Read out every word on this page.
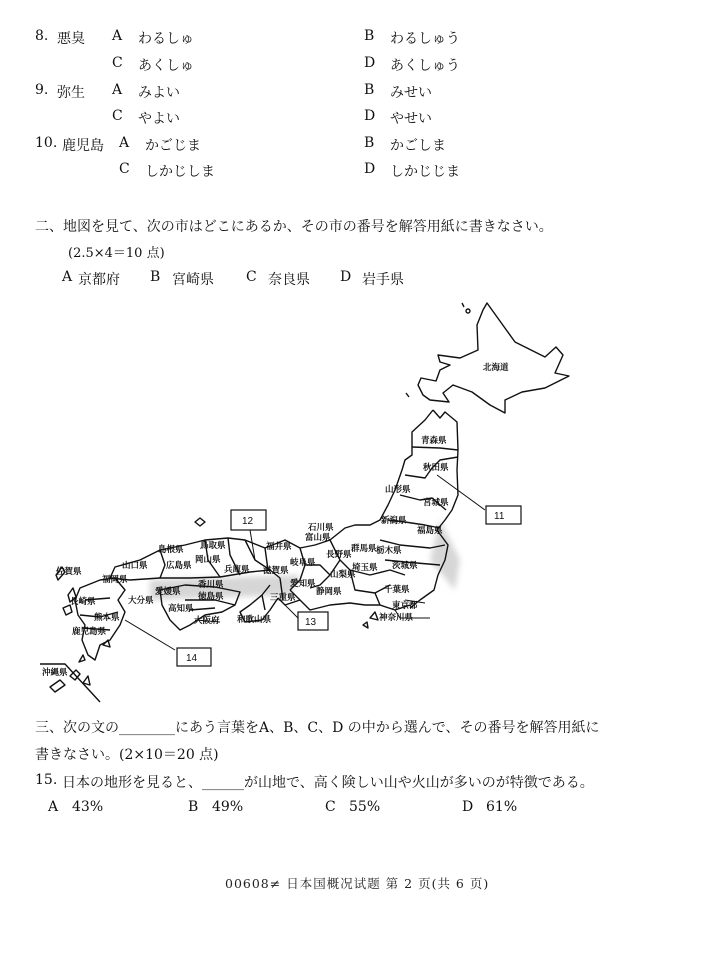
8. 悪臭 A わるしゅ	B わるしゅう
C あくしゅ	D あくしゅう
9. 弥生 A みよい	B みせい
C やよい	D やせい
10. 鹿児島 A かごじま	B かごしま
C しかじしま	D しかじじま
二、地図を見て、次の市はどこにあるか、その市の番号を解答用紙に書きなさい。
(2.5×4＝10 点)
A 京都府 B 宮崎県 C 奈良県 D 岩手県
11
12
13
14
北海道
青森県
秋田県
山形県
宮城県
新潟県
福島県
石川県
富山県
福井県
長野県
群馬県 栃木県
茨城県
岐阜県	埼玉県
山梨県
滋賀県
愛知県
静岡県	千葉県
三重県
東京都
神奈川県
和歌山県
大阪府
兵庫県
岡山県
鳥取県
島根県
広島県
山口県
香川県
徳島県
愛媛県
高知県
福岡県
佐賀県
長崎県
熊本県
大分県
鹿児島県
沖縄県
三、次の文の________にあう言葉をA、B、C、D の中から選んで、その番号を解答用紙に
書きなさい。(2×10＝20 点)
15. 日本の地形を見ると、______が山地で、高く険しい山や火山が多いのが特徴である。
A 43%	B 49%	C 55%	D 61%
00608≠ 日本国概况试题 第 2 页(共 6 页)
